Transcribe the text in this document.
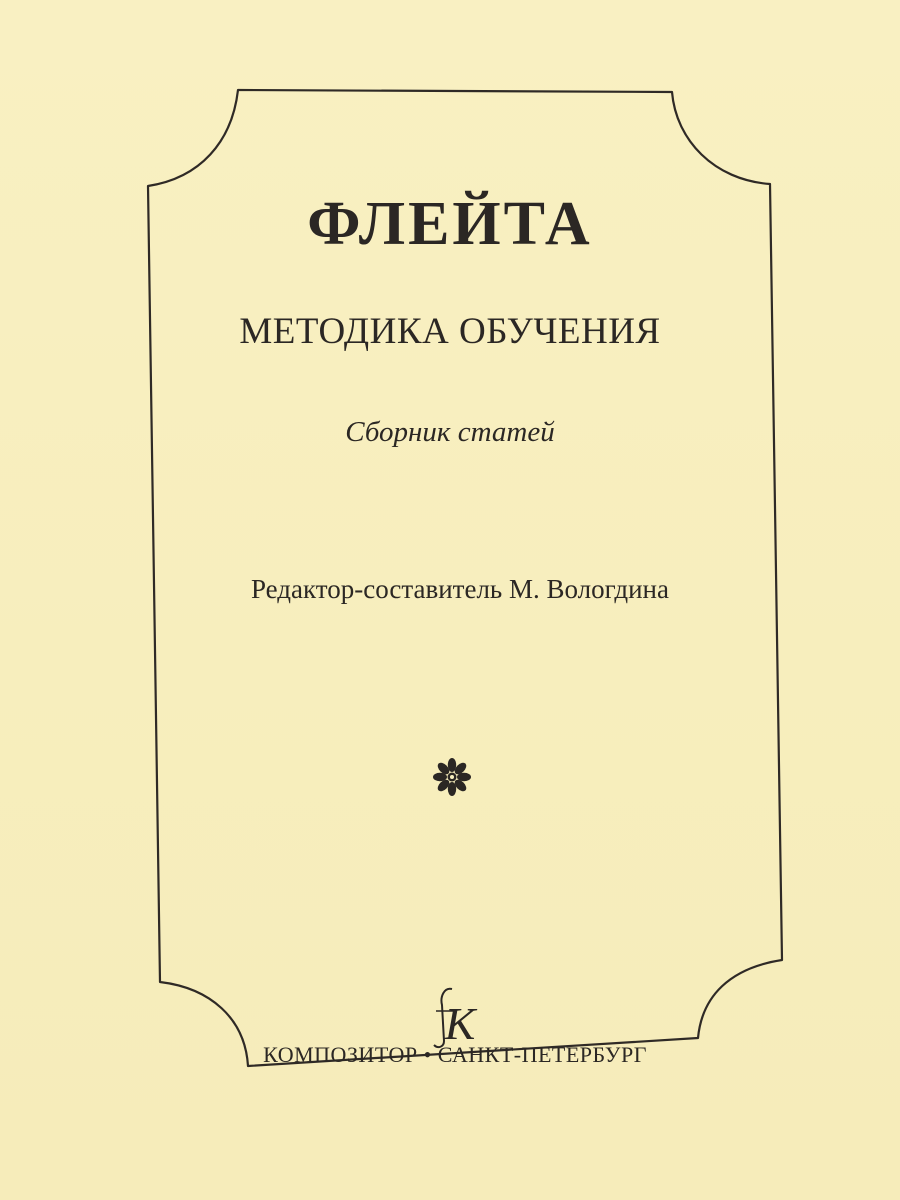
ФЛЕЙТА
МЕТОДИКА ОБУЧЕНИЯ
Сборник статей
Редактор-составитель М. Вологдина
K
КОМПОЗИТОР • САНКТ-ПЕТЕРБУРГ
